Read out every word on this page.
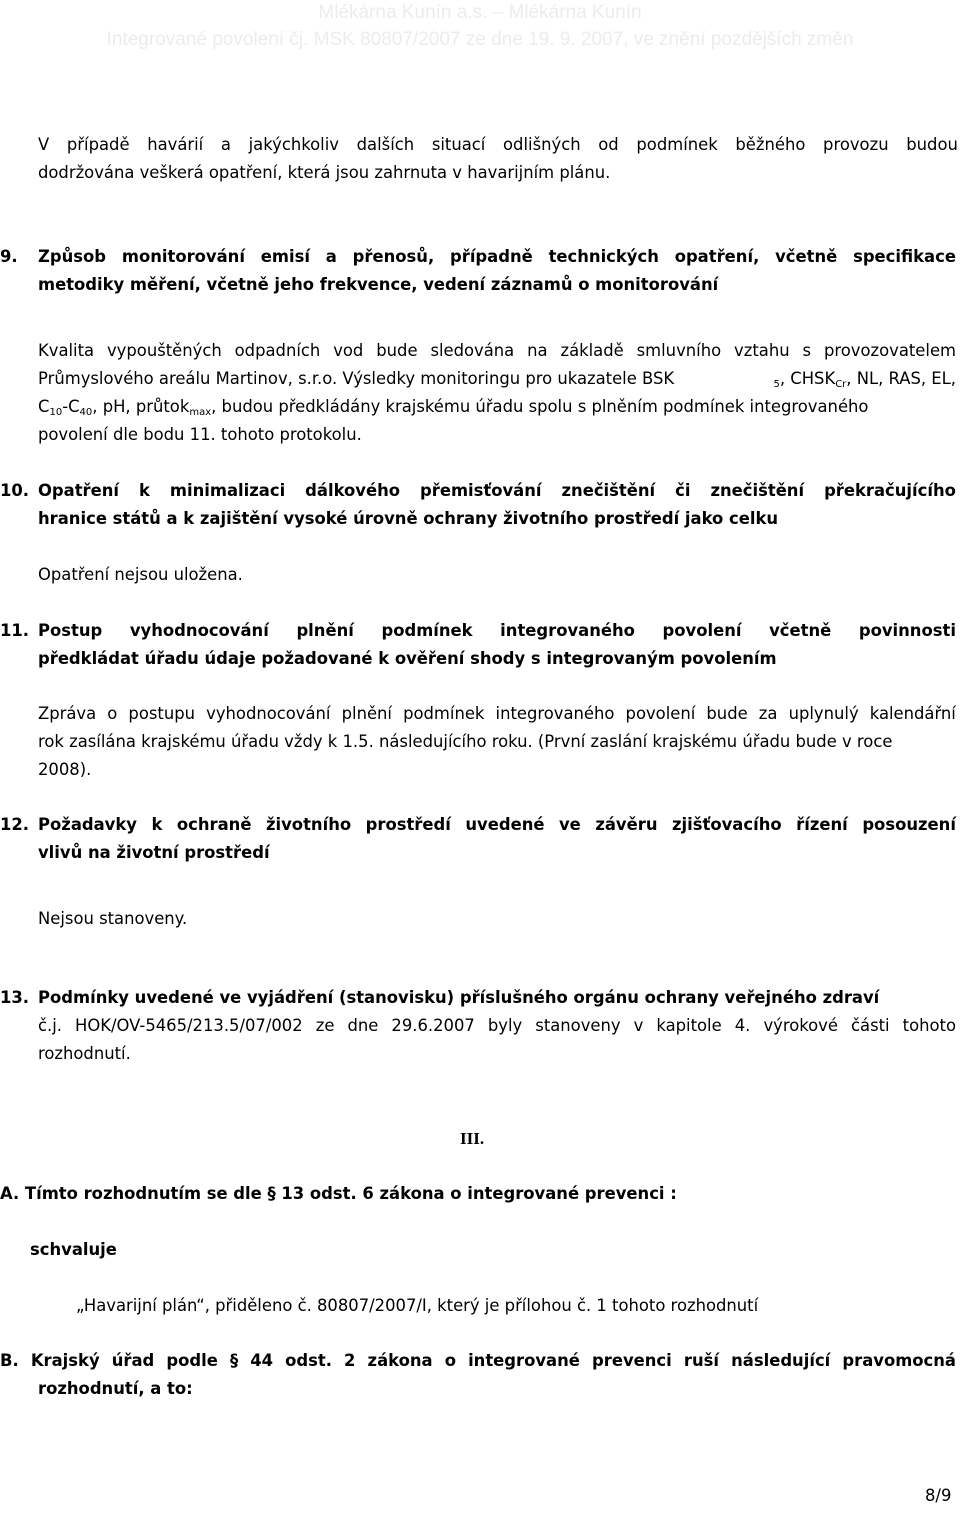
Mlékárna Kunín a.s. – Mlékárna Kunín
Integrované povolení čj. MSK 80807/2007 ze dne 19. 9. 2007, ve znění pozdějších změn
V případě havárií a jakýchkoliv dalších situací odlišných od podmínek běžného provozu budou
dodržována veškerá opatření, která jsou zahrnuta v havarijním plánu.
9. Způsob monitorování emisí a přenosů, případně technických opatření, včetně specifikace
metodiky měření, včetně jeho frekvence, vedení záznamů o monitorování
Kvalita vypouštěných odpadních vod bude sledována na základě smluvního vztahu s provozovatelem
Průmyslového areálu Martinov, s.r.o. Výsledky monitoringu pro ukazatele BSK	$_5$, $CHSK_{Cr}$, NL, RAS, EL,
$C_{10}-C_{40}$, pH, průtok$_{max}$, budou předkládány krajskému úřadu spolu s plněním podmínek integrovaného
povolení dle bodu 11. tohoto protokolu.
10. Opatření k minimalizaci dálkového přemisťování znečištění či znečištění překračujícího
hranice států a k zajištění vysoké úrovně ochrany životního prostředí jako celku
Opatření nejsou uložena.
11. Postup vyhodnocování plnění podmínek integrovaného povolení včetně povinnosti
předkládat úřadu údaje požadované k ověření shody s integrovaným povolením
Zpráva o postupu vyhodnocování plnění podmínek integrovaného povolení bude za uplynulý kalendářní
rok zasílána krajskému úřadu vždy k 1.5. následujícího roku. (První zaslání krajskému úřadu bude v roce
2008).
12. Požadavky k ochraně životního prostředí uvedené ve závěru zjišťovacího řízení posouzení
vlivů na životní prostředí
Nejsou stanoveny.
13. Podmínky uvedené ve vyjádření (stanovisku) příslušného orgánu ochrany veřejného zdraví
č.j. HOK/OV-5465/213.5/07/002 ze dne 29.6.2007 byly stanoveny v kapitole 4. výrokové části tohoto
rozhodnutí.
III.
A. Tímto rozhodnutím se dle § 13 odst. 6 zákona o integrované prevenci :
schvaluje
„Havarijní plán“, přiděleno č. 80807/2007/I, který je přílohou č. 1 tohoto rozhodnutí
B. Krajský úřad podle § 44 odst. 2 zákona o integrované prevenci ruší následující pravomocná
rozhodnutí, a to:
8/9
